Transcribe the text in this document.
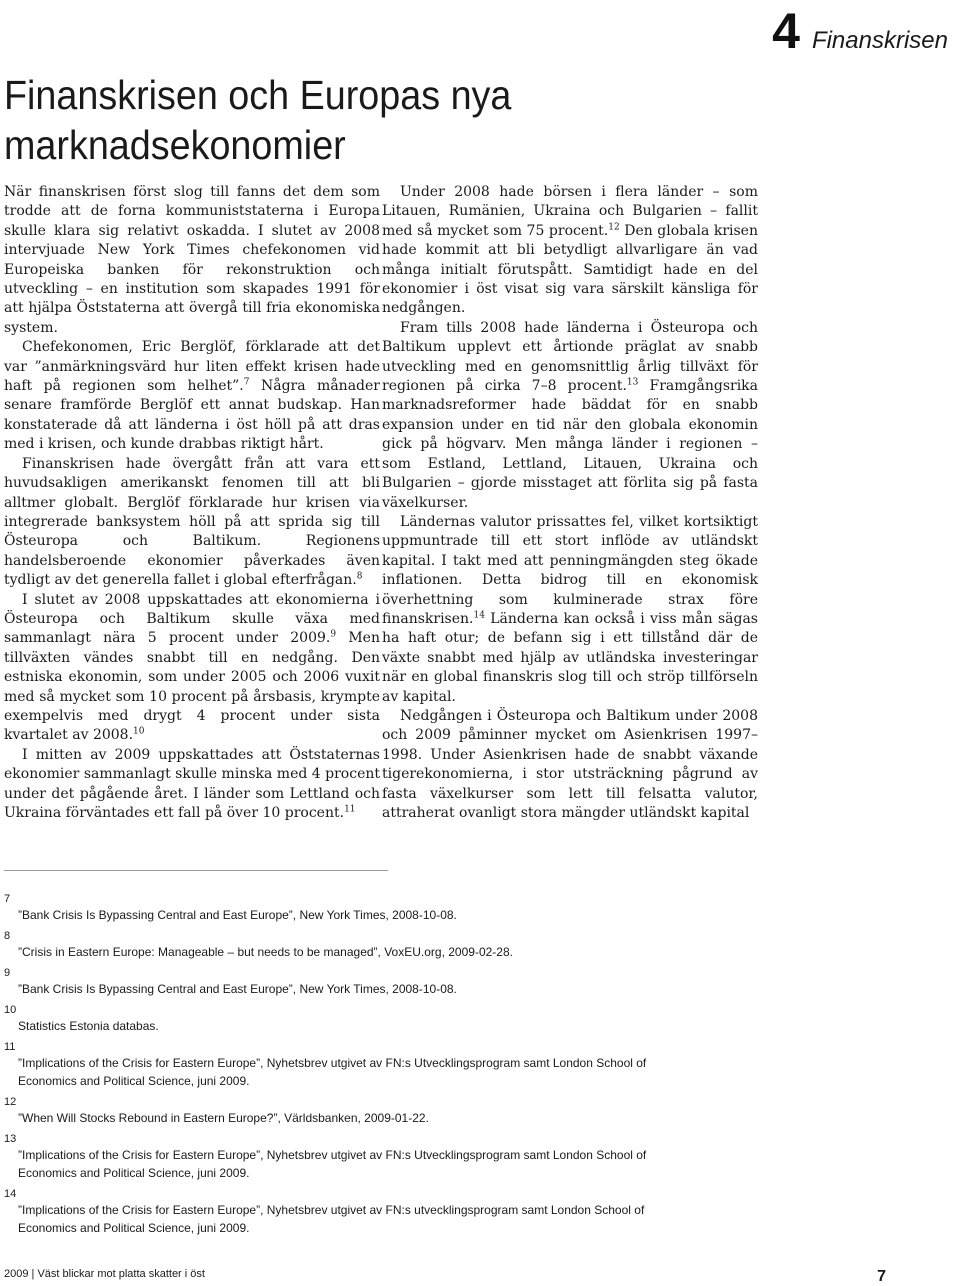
4 Finanskrisen
Finanskrisen och Europas nya marknadsekonomier

När finanskrisen först slog till fanns det dem som trodde att de forna kommuniststaterna i Europa skulle klara sig relativt oskadda. I slutet av 2008 intervjuade New York Times chefekonomen vid Europeiska banken för rekonstruktion och utveckling – en institution som skapades 1991 för att hjälpa Öststaterna att övergå till fria ekonomiska system.

Chefekonomen, Eric Berglöf, förklarade att det var ”anmärkningsvärd hur liten effekt krisen hade haft på regionen som helhet”.$^7$ Några månader senare framförde Berglöf ett annat budskap. Han konstaterade då att länderna i öst höll på att dras med i krisen, och kunde drabbas riktigt hårt.

Finanskrisen hade övergått från att vara ett huvudsakligen amerikanskt fenomen till att bli alltmer globalt. Berglöf förklarade hur krisen via integrerade banksystem höll på att sprida sig till Östeuropa och Baltikum. Regionens handelsberoende ekonomier påverkades även tydligt av det generella fallet i global efterfrågan.$^8$

I slutet av 2008 uppskattades att ekonomierna i Östeuropa och Baltikum skulle växa med sammanlagt nära 5 procent under 2009.$^9$ Men tillväxten vändes snabbt till en nedgång. Den estniska ekonomin, som under 2005 och 2006 vuxit med så mycket som 10 procent på årsbasis, krympte exempelvis med drygt 4 procent under sista kvartalet av 2008.10

I mitten av 2009 uppskattades att Öststaternas ekonomier sammanlagt skulle minska med 4 procent under det pågående året. I länder som Lettland och Ukraina förväntades ett fall på över 10 procent.$^{11}$

Under 2008 hade börsen i flera länder – som Litauen, Rumänien, Ukraina och Bulgarien – fallit med så mycket som 75 procent.$^{12}$ Den globala krisen hade kommit att bli betydligt allvarligare än vad många initialt förutspått. Samtidigt hade en del ekonomier i öst visat sig vara särskilt känsliga för nedgången.

Fram tills 2008 hade länderna i Östeuropa och Baltikum upplevt ett årtionde präglat av snabb utveckling med en genomsnittlig årlig tillväxt för regionen på cirka 7–8 procent.$^{13}$ Framgångsrika marknadsreformer hade bäddat för en snabb expansion under en tid när den globala ekonomin gick på högvarv. Men många länder i regionen – som Estland, Lettland, Litauen, Ukraina och Bulgarien – gjorde misstaget att förlita sig på fasta växelkurser.

Ländernas valutor prissattes fel, vilket kortsiktigt uppmuntrade till ett stort inflöde av utländskt kapital. I takt med att penningmängden steg ökade inflationen. Detta bidrog till en ekonomisk överhettning som kulminerade strax före finanskrisen.$^{14}$ Länderna kan också i viss mån sägas ha haft otur; de befann sig i ett tillstånd där de växte snabbt med hjälp av utländska investeringar när en global finanskris slog till och ströp tillförseln av kapital.

Nedgången i Östeuropa och Baltikum under 2008 och 2009 påminner mycket om Asienkrisen 1997–1998. Under Asienkrisen hade de snabbt växande tigerekonomierna, i stor utsträckning pågrund av fasta växelkurser som lett till felsatta valutor, attraherat ovanligt stora mängder utländskt kapital

7
”Bank Crisis Is Bypassing Central and East Europe”, New York Times, 2008-10-08.
8
”Crisis in Eastern Europe: Manageable – but needs to be managed”, VoxEU.org, 2009-02-28.
9
”Bank Crisis Is Bypassing Central and East Europe”, New York Times, 2008-10-08.
10
Statistics Estonia databas.
11
”Implications of the Crisis for Eastern Europe”, Nyhetsbrev utgivet av FN:s Utvecklingsprogram samt London School of Economics and Political Science, juni 2009.
12
”When Will Stocks Rebound in Eastern Europe?”, Världsbanken, 2009-01-22.
13
”Implications of the Crisis for Eastern Europe”, Nyhetsbrev utgivet av FN:s Utvecklingsprogram samt London School of Economics and Political Science, juni 2009.
14
”Implications of the Crisis for Eastern Europe”, Nyhetsbrev utgivet av FN:s utvecklingsprogram samt London School of Economics and Political Science, juni 2009.
2009 | Väst blickar mot platta skatter i öst	7
